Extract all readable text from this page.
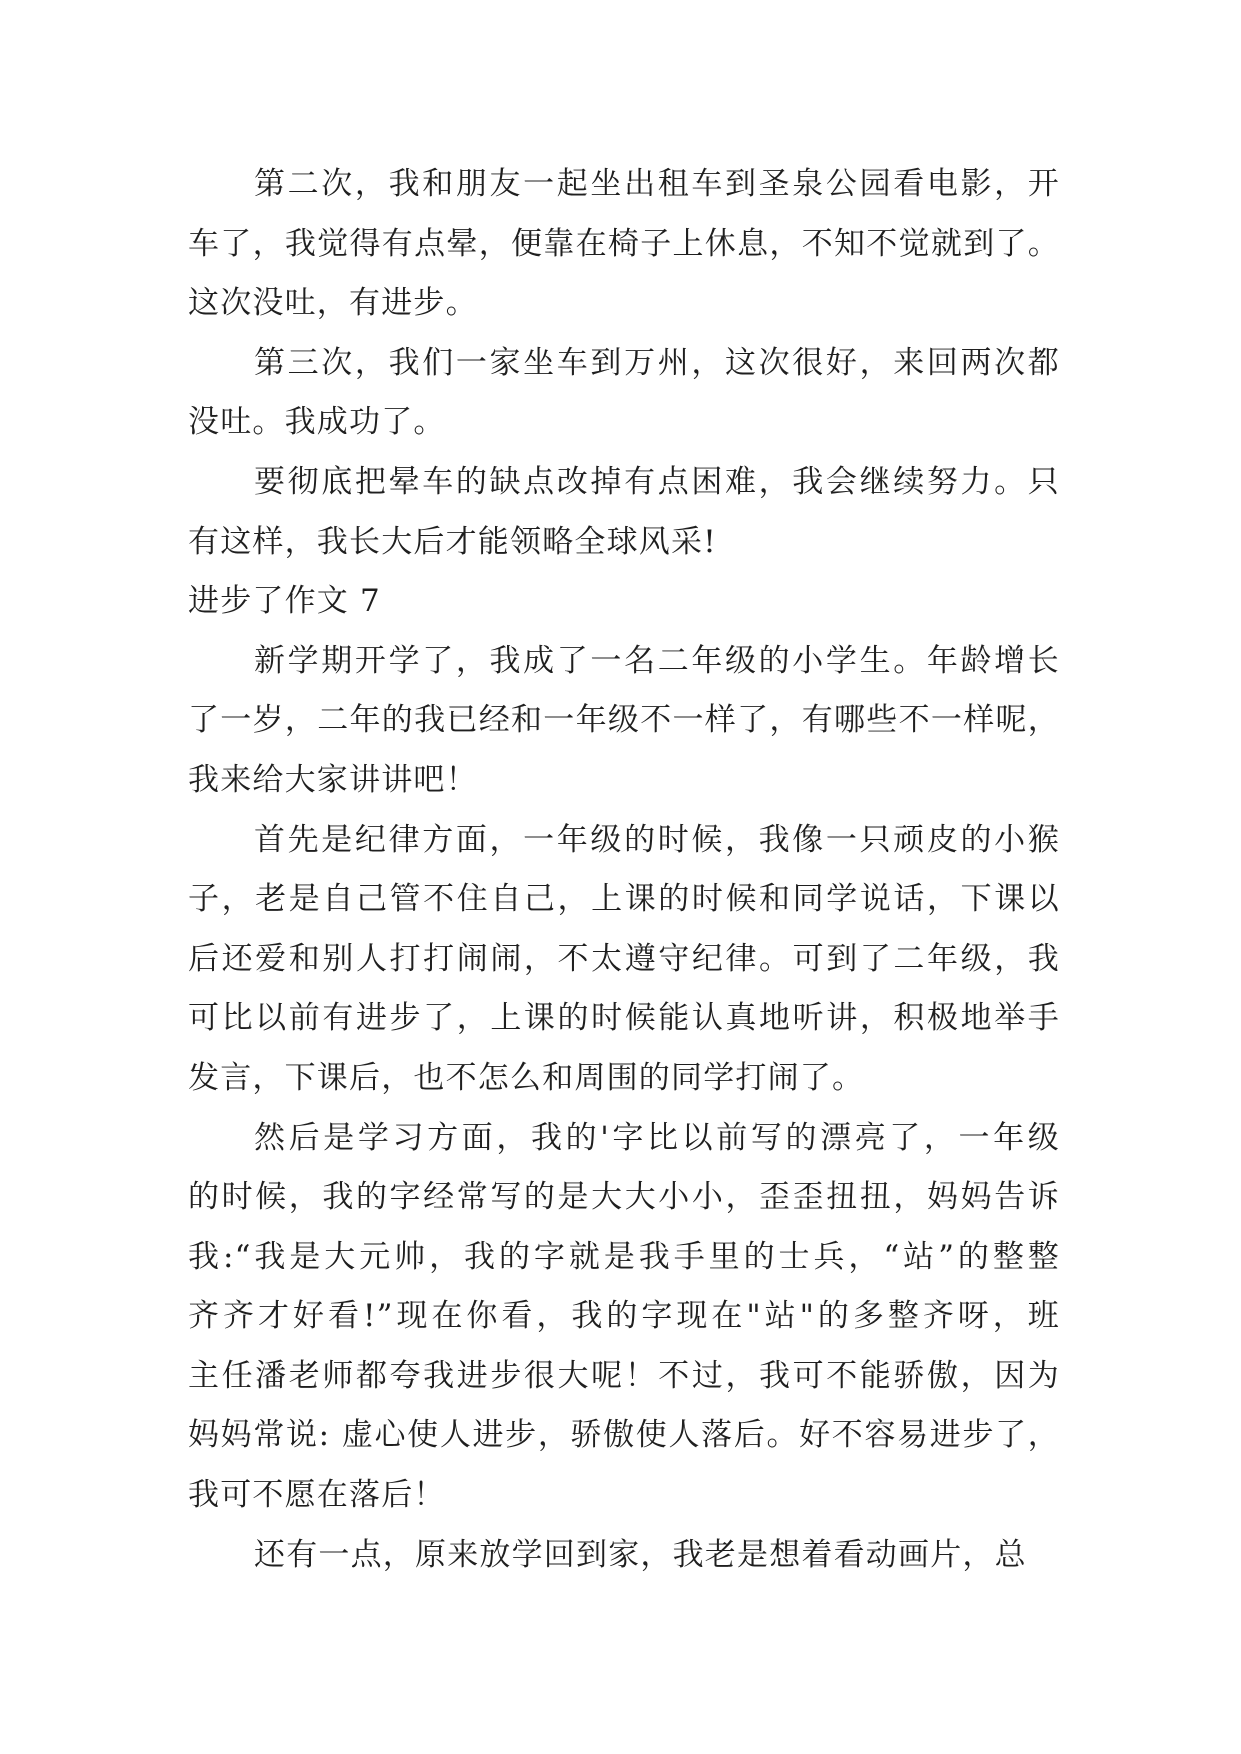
第二次，我和朋友一起坐出租车到圣泉公园看电影，开
车了，我觉得有点晕，便靠在椅子上休息，不知不觉就到了。
这次没吐，有进步。
第三次，我们一家坐车到万州，这次很好，来回两次都
没吐。我成功了。
要彻底把晕车的缺点改掉有点困难，我会继续努力。只
有这样，我长大后才能领略全球风采!
进步了作文 7
新学期开学了，我成了一名二年级的小学生。年龄增长
了一岁，二年的我已经和一年级不一样了，有哪些不一样呢，
我来给大家讲讲吧！
首先是纪律方面，一年级的时候，我像一只顽皮的小猴
子，老是自己管不住自己，上课的时候和同学说话，下课以
后还爱和别人打打闹闹，不太遵守纪律。可到了二年级，我
可比以前有进步了，上课的时候能认真地听讲，积极地举手
发言，下课后，也不怎么和周围的同学打闹了。
然后是学习方面，我的'字比以前写的漂亮了，一年级
的时候，我的字经常写的是大大小小，歪歪扭扭，妈妈告诉
我:“我是大元帅，我的字就是我手里的士兵，“站”的整整
齐齐才好看!”现在你看，我的字现在"站"的多整齐呀，班
主任潘老师都夸我进步很大呢！不过，我可不能骄傲，因为
妈妈常说: 虚心使人进步，骄傲使人落后。好不容易进步了，
我可不愿在落后！
还有一点，原来放学回到家，我老是想着看动画片，总
